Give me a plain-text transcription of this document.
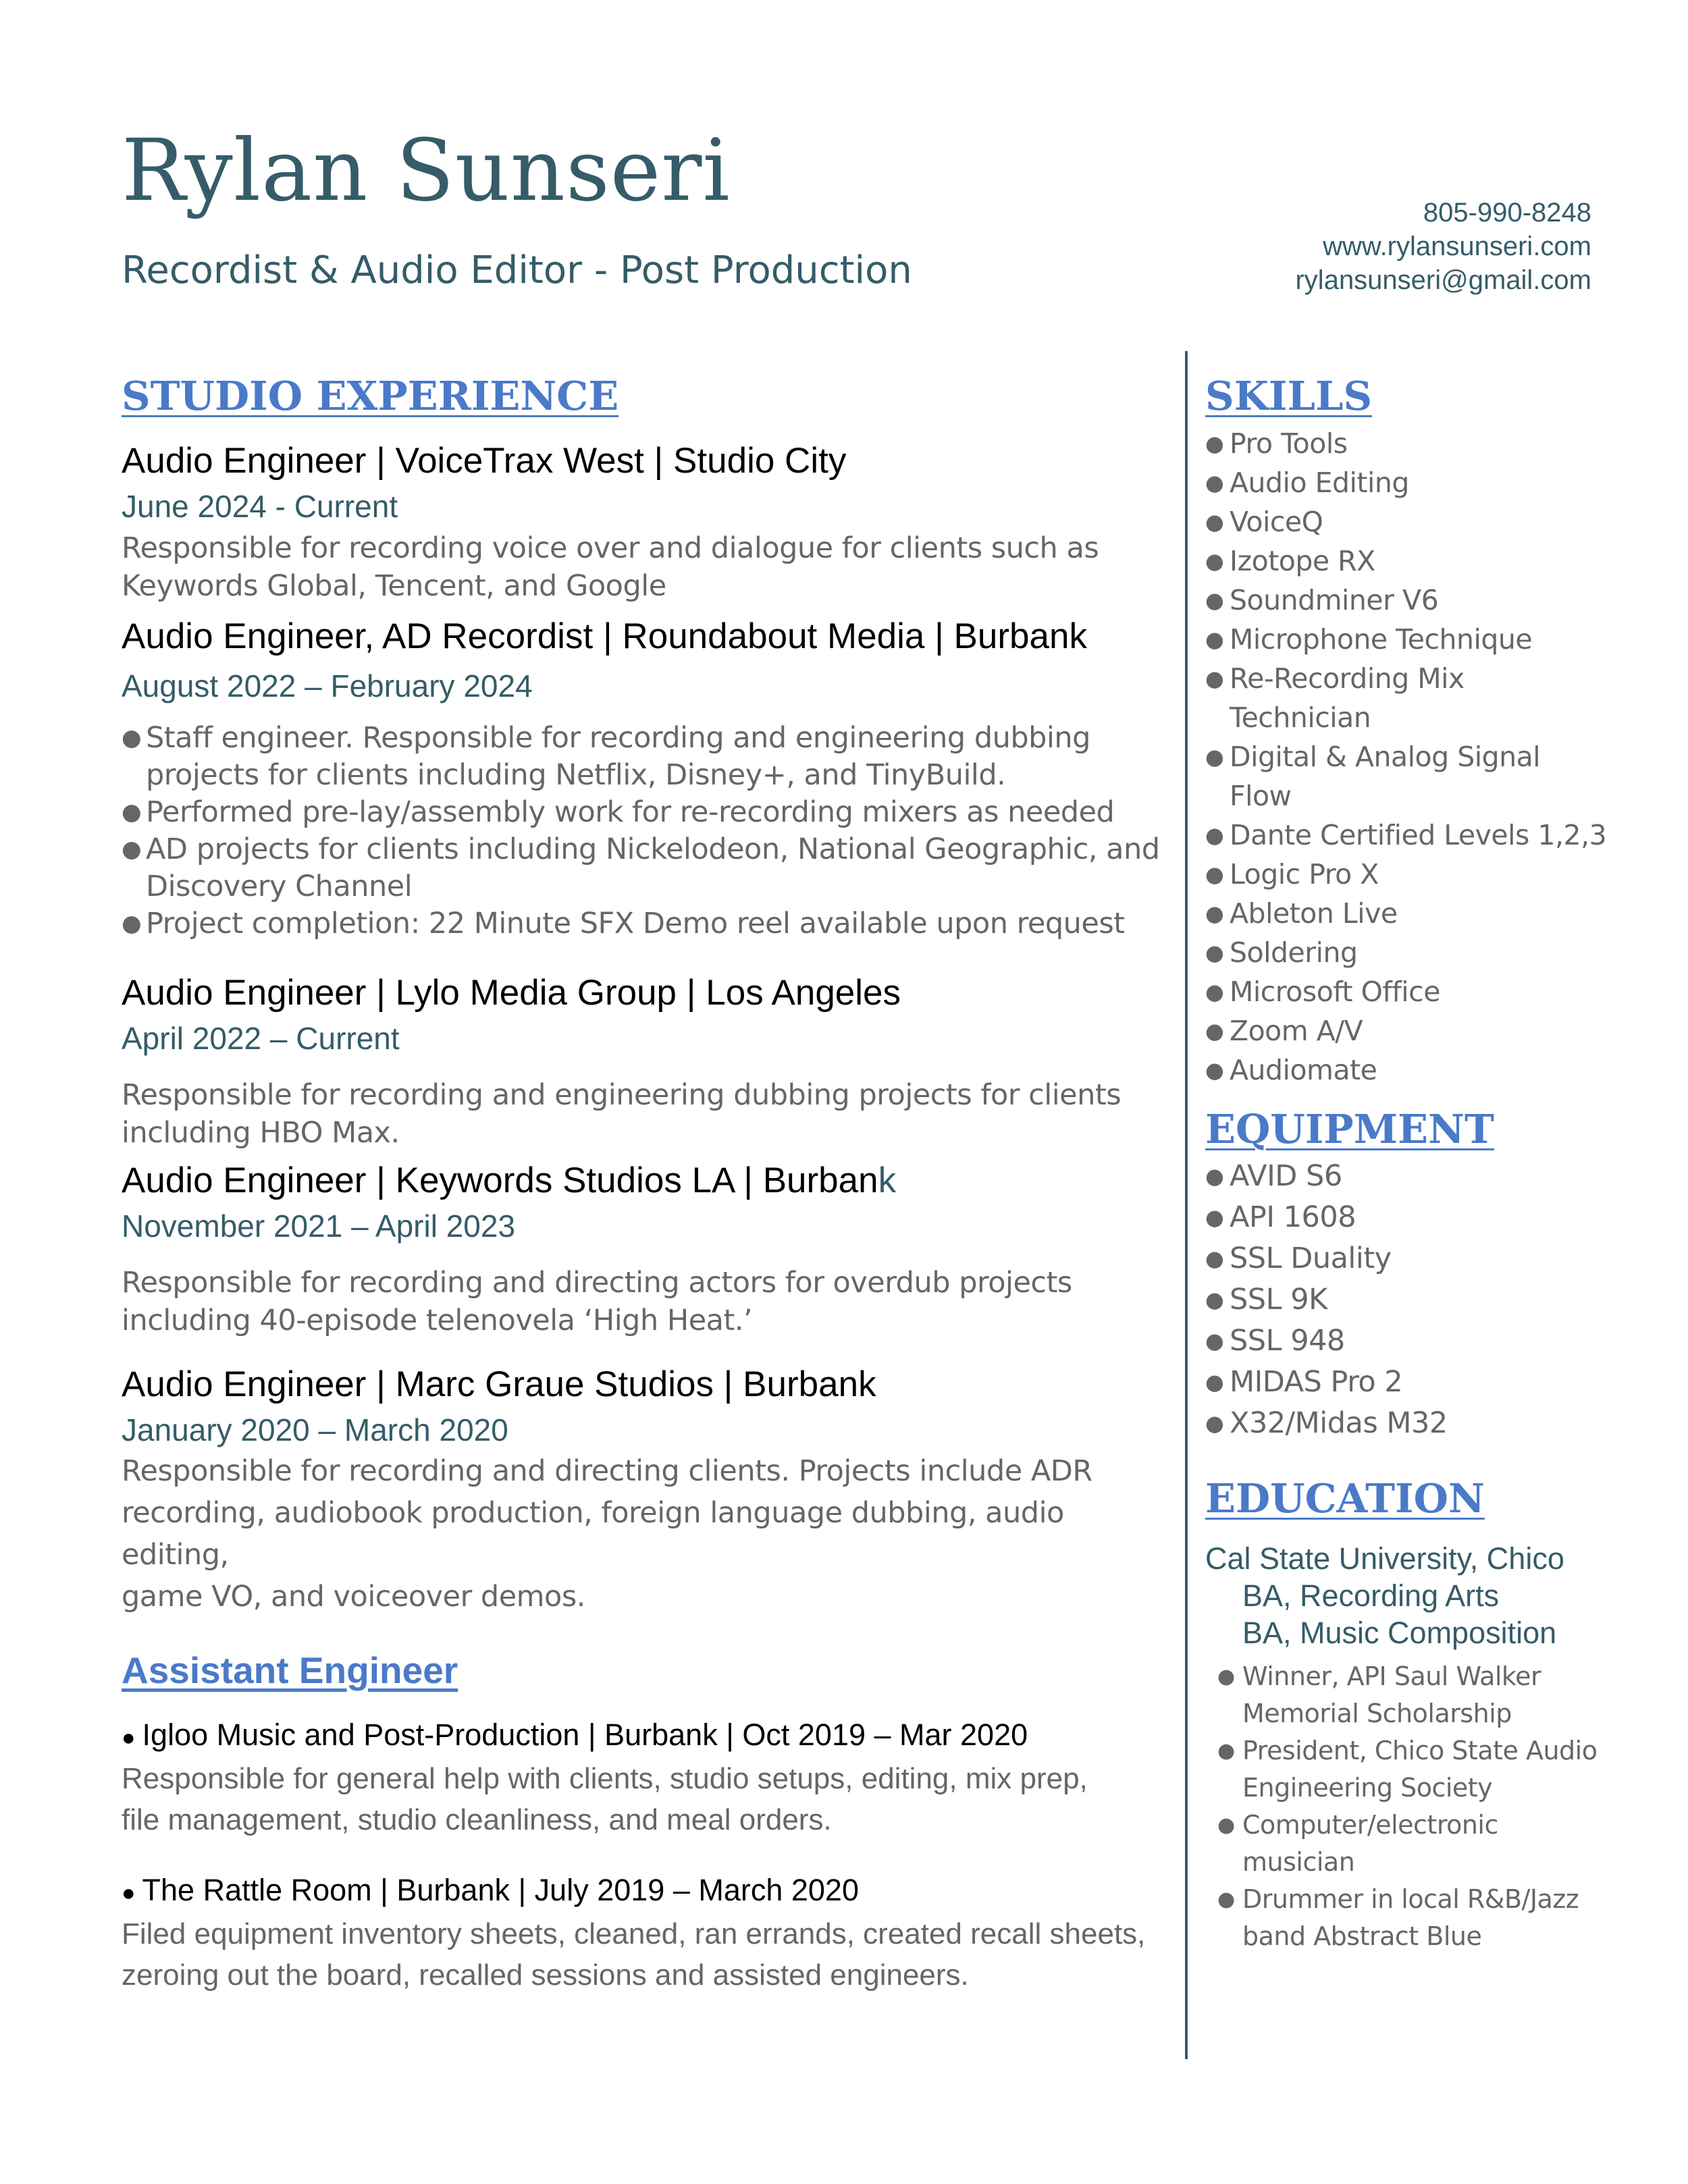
Rylan Sunseri
Recordist & Audio Editor - Post Production
805-990-8248
www.rylansunseri.com
rylansunseri@gmail.com
STUDIO EXPERIENCE

Audio Engineer | VoiceTrax West | Studio City

June 2024 - Current

Responsible for recording voice over and dialogue for clients such as

Keywords Global, Tencent, and Google

Audio Engineer, AD Recordist | Roundabout Media | Burbank

August 2022 – February 2024

● Staff engineer. Responsible for recording and engineering dubbing
projects for clients including Netflix, Disney+, and TinyBuild.
● Performed pre-lay/assembly work for re-recording mixers as needed
● AD projects for clients including Nickelodeon, National Geographic, and
Discovery Channel
● Project completion: 22 Minute SFX Demo reel available upon request

Audio Engineer | Lylo Media Group | Los Angeles

April 2022 – Current

Responsible for recording and engineering dubbing projects for clients

including HBO Max.

Audio Engineer | Keywords Studios LA | Burbank

November 2021 – April 2023

Responsible for recording and directing actors for overdub projects

including 40-episode telenovela ‘High Heat.’

Audio Engineer | Marc Graue Studios | Burbank

January 2020 – March 2020

Responsible for recording and directing clients. Projects include ADR

recording, audiobook production, foreign language dubbing, audio editing,

game VO, and voiceover demos.

Assistant Engineer

● Igloo Music and Post-Production | Burbank | Oct 2019 – Mar 2020

Responsible for general help with clients, studio setups, editing, mix prep,

file management, studio cleanliness, and meal orders.

● The Rattle Room | Burbank | July 2019 – March 2020

Filed equipment inventory sheets, cleaned, ran errands, created recall sheets,

zeroing out the board, recalled sessions and assisted engineers.

SKILLS
● Pro Tools
● Audio Editing
● VoiceQ
● Izotope RX
● Soundminer V6
● Microphone Technique
● Re-Recording Mix
Technician
● Digital & Analog Signal
Flow
● Dante Certified Levels 1,2,3
● Logic Pro X
● Ableton Live
● Soldering
● Microsoft Office
● Zoom A/V
● Audiomate
EQUIPMENT
● AVID S6
● API 1608
● SSL Duality
● SSL 9K
● SSL 948
● MIDAS Pro 2
● X32/Midas M32
EDUCATION

Cal State University, Chico

BA, Recording Arts

BA, Music Composition

● Winner, API Saul Walker
Memorial Scholarship
● President, Chico State Audio
Engineering Society
● Computer/electronic
musician
● Drummer in local R&B/Jazz
band Abstract Blue
